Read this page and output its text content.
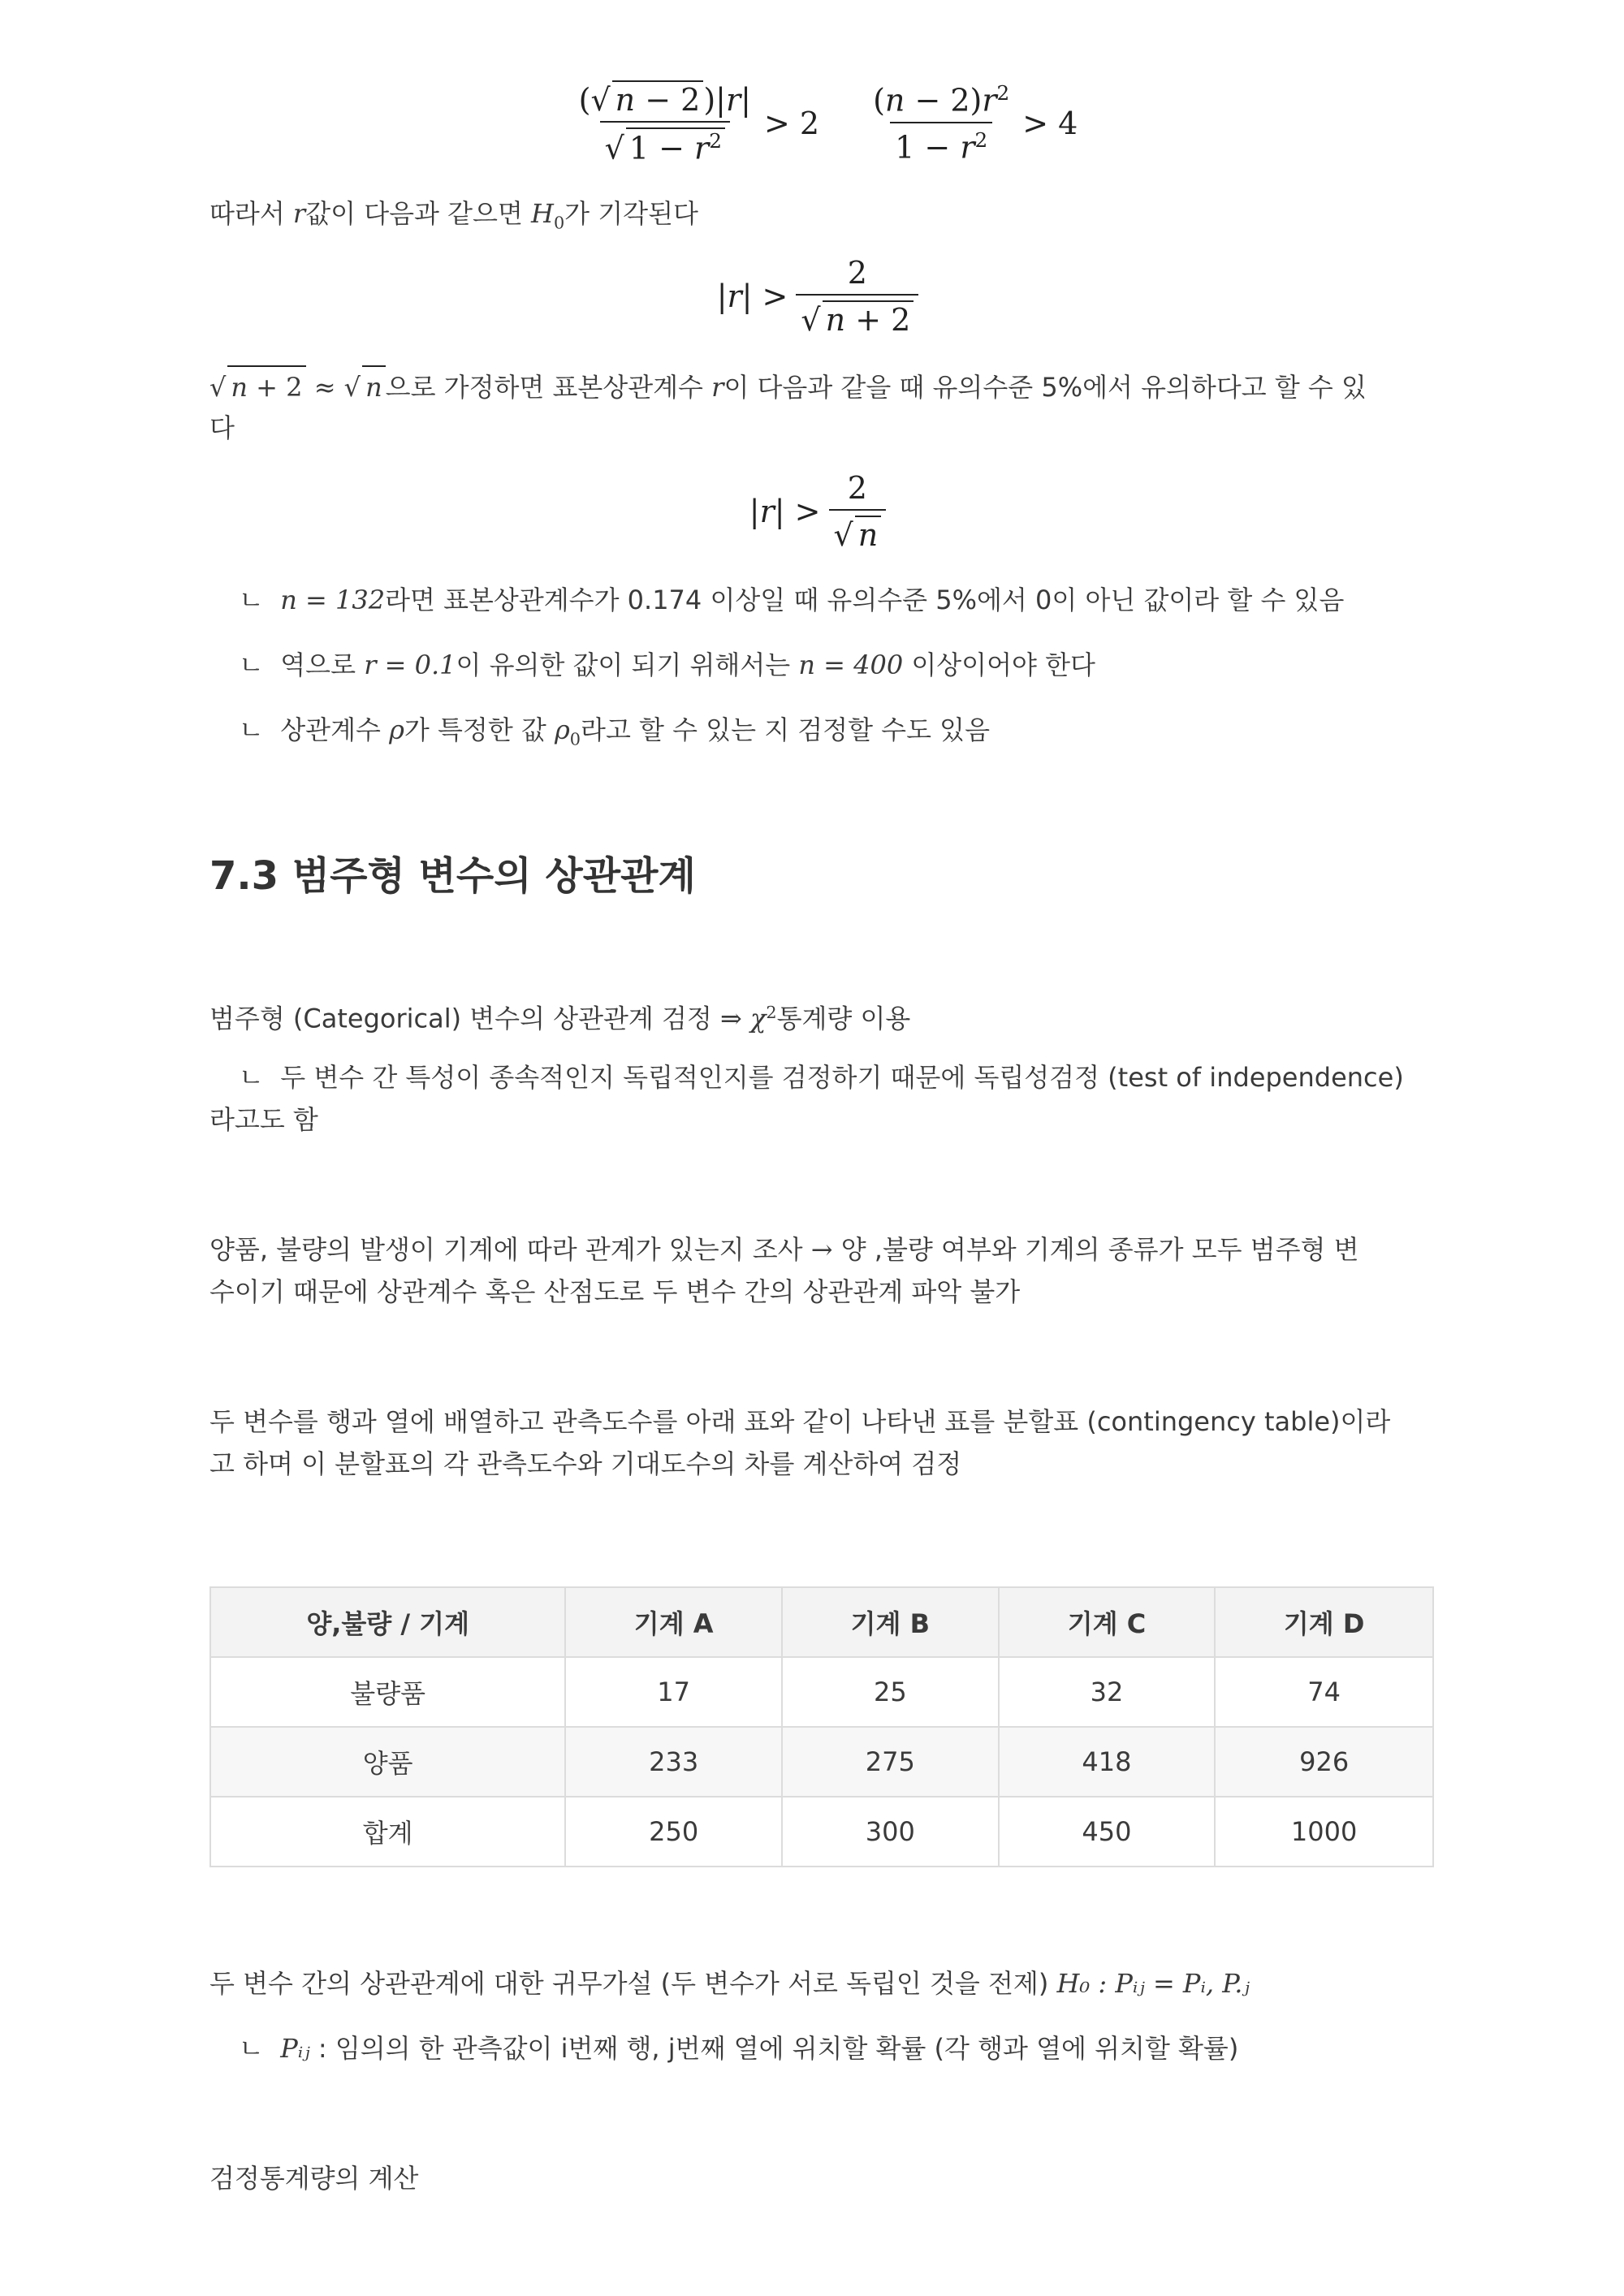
$\frac{(√ n - 2 )|r|}{√ 1 - r^2} > 2 \frac{(n - 2)r^2}{1 - r^2} > 4$
따라서 r값이 다음과 같으면 $H_0$가 기각된다
$|r| > \frac{2}{√ n + 2}$
√ n + 2 ≈ √ n 으로 가정하면 표본상관계수 r이 다음과 같을 때 유의수준 5%에서 유의하다고 할 수 있
다
$|r| > \frac{2}{√ n}$
ㄴ n = 132라면 표본상관계수가 0.174 이상일 때 유의수준 5%에서 0이 아닌 값이라 할 수 있음
ㄴ 역으로 r = 0.1이 유의한 값이 되기 위해서는 n = 400 이상이어야 한다
ㄴ 상관계수 ρ가 특정한 값 $\rho_0$라고 할 수 있는 지 검정할 수도 있음
7.3 범주형 변수의 상관관계
범주형 (Categorical) 변수의 상관관계 검정 ⇒ $\chi^2$통계량 이용
ㄴ 두 변수 간 특성이 종속적인지 독립적인지를 검정하기 때문에 독립성검정 (test of independence)
라고도 함
양품, 불량의 발생이 기계에 따라 관계가 있는지 조사 → 양 ,불량 여부와 기계의 종류가 모두 범주형 변
수이기 때문에 상관계수 혹은 산점도로 두 변수 간의 상관관계 파악 불가
두 변수를 행과 열에 배열하고 관측도수를 아래 표와 같이 나타낸 표를 분할표 (contingency table)이라
고 하며 이 분할표의 각 관측도수와 기대도수의 차를 계산하여 검정
양,불량 / 기계	기계 A	기계 B	기계 C	기계 D
불량품	17	25	32	74
양품	233	275	418	926
합계	250	300	450	1000
두 변수 간의 상관관계에 대한 귀무가설 (두 변수가 서로 독립인 것을 전제) H₀ : Pᵢⱼ = Pᵢ, P.ⱼ
ㄴ Pᵢⱼ : 임의의 한 관측값이 i번째 행, j번째 열에 위치할 확률 (각 행과 열에 위치할 확률)
검정통계량의 계산
